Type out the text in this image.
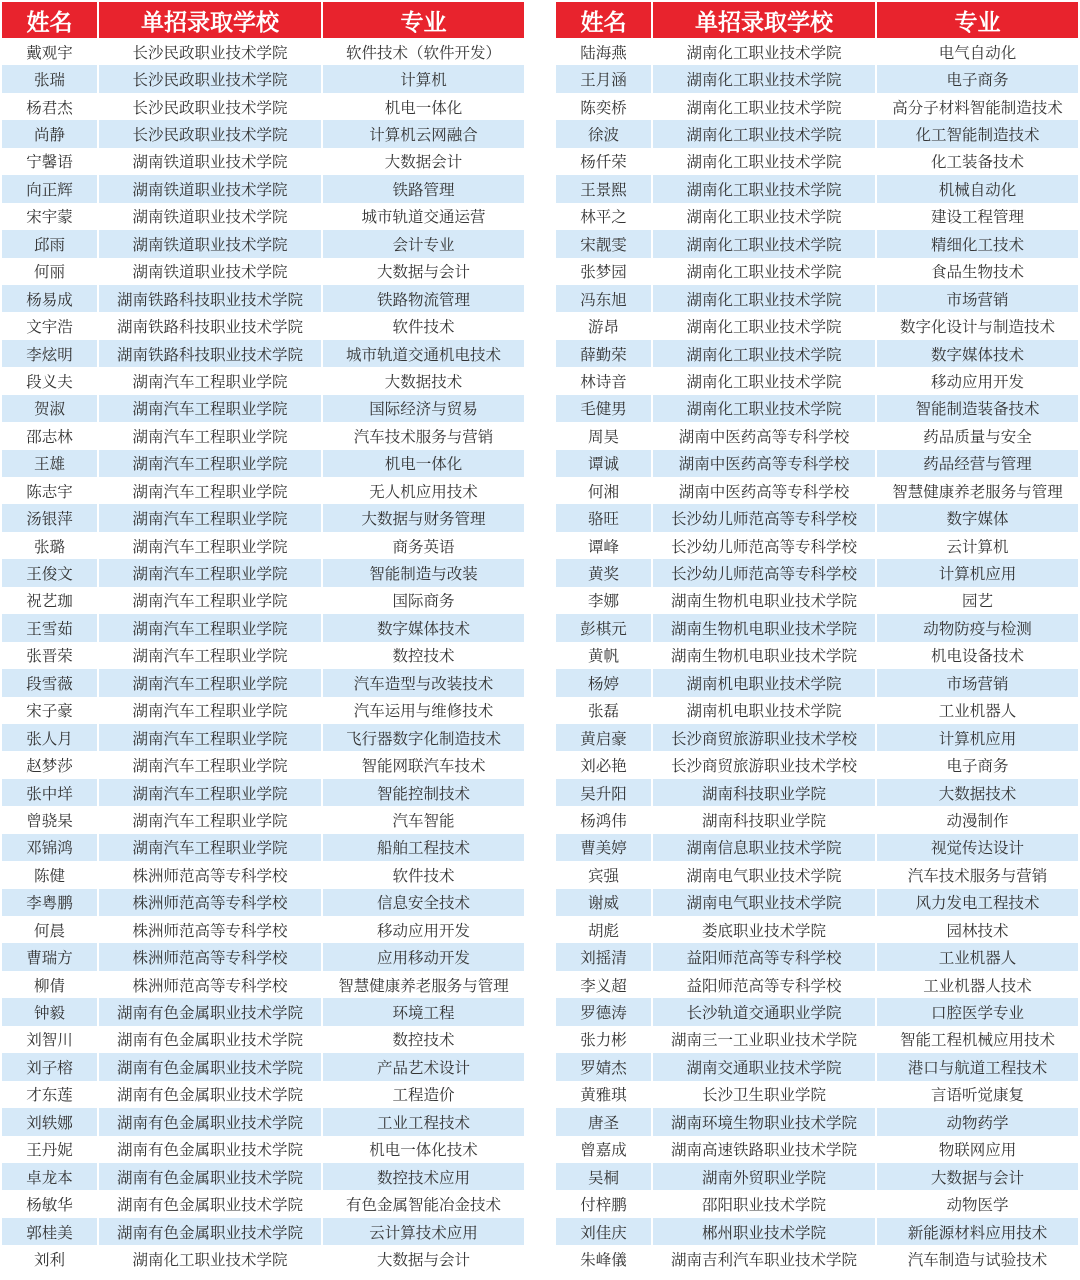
姓名	单招录取学校	专业
戴观宇	长沙民政职业技术学院	软件技术（软件开发）
张瑞	长沙民政职业技术学院	计算机
杨君杰	长沙民政职业技术学院	机电一体化
尚静	长沙民政职业技术学院	计算机云网融合
宁馨语	湖南铁道职业技术学院	大数据会计
向正辉	湖南铁道职业技术学院	铁路管理
宋宇蒙	湖南铁道职业技术学院	城市轨道交通运营
邱雨	湖南铁道职业技术学院	会计专业
何丽	湖南铁道职业技术学院	大数据与会计
杨易成	湖南铁路科技职业技术学院	铁路物流管理
文宇浩	湖南铁路科技职业技术学院	软件技术
李炫明	湖南铁路科技职业技术学院	城市轨道交通机电技术
段义夫	湖南汽车工程职业学院	大数据技术
贺淑	湖南汽车工程职业学院	国际经济与贸易
邵志林	湖南汽车工程职业学院	汽车技术服务与营销
王雄	湖南汽车工程职业学院	机电一体化
陈志宇	湖南汽车工程职业学院	无人机应用技术
汤银萍	湖南汽车工程职业学院	大数据与财务管理
张璐	湖南汽车工程职业学院	商务英语
王俊文	湖南汽车工程职业学院	智能制造与改装
祝艺珈	湖南汽车工程职业学院	国际商务
王雪茹	湖南汽车工程职业学院	数字媒体技术
张晋荣	湖南汽车工程职业学院	数控技术
段雪薇	湖南汽车工程职业学院	汽车造型与改装技术
宋子豪	湖南汽车工程职业学院	汽车运用与维修技术
张人月	湖南汽车工程职业学院	飞行器数字化制造技术
赵梦莎	湖南汽车工程职业学院	智能网联汽车技术
张中垟	湖南汽车工程职业学院	智能控制技术
曾骁杲	湖南汽车工程职业学院	汽车智能
邓锦鸿	湖南汽车工程职业学院	船舶工程技术
陈健	株洲师范高等专科学校	软件技术
李粤鹏	株洲师范高等专科学校	信息安全技术
何晨	株洲师范高等专科学校	移动应用开发
曹瑞方	株洲师范高等专科学校	应用移动开发
柳倩	株洲师范高等专科学校	智慧健康养老服务与管理
钟毅	湖南有色金属职业技术学院	环境工程
刘智川	湖南有色金属职业技术学院	数控技术
刘子榕	湖南有色金属职业技术学院	产品艺术设计
才东莲	湖南有色金属职业技术学院	工程造价
刘轶娜	湖南有色金属职业技术学院	工业工程技术
王丹妮	湖南有色金属职业技术学院	机电一体化技术
卓龙本	湖南有色金属职业技术学院	数控技术应用
杨敏华	湖南有色金属职业技术学院	有色金属智能冶金技术
郭桂美	湖南有色金属职业技术学院	云计算技术应用
刘利	湖南化工职业技术学院	大数据与会计
姓名	单招录取学校	专业
陆海燕	湖南化工职业技术学院	电气自动化
王月涵	湖南化工职业技术学院	电子商务
陈奕桥	湖南化工职业技术学院	高分子材料智能制造技术
徐波	湖南化工职业技术学院	化工智能制造技术
杨仟荣	湖南化工职业技术学院	化工装备技术
王景熙	湖南化工职业技术学院	机械自动化
林平之	湖南化工职业技术学院	建设工程管理
宋靓雯	湖南化工职业技术学院	精细化工技术
张梦园	湖南化工职业技术学院	食品生物技术
冯东旭	湖南化工职业技术学院	市场营销
游昂	湖南化工职业技术学院	数字化设计与制造技术
薛勤荣	湖南化工职业技术学院	数字媒体技术
林诗音	湖南化工职业技术学院	移动应用开发
毛健男	湖南化工职业技术学院	智能制造装备技术
周昊	湖南中医药高等专科学校	药品质量与安全
谭诚	湖南中医药高等专科学校	药品经营与管理
何湘	湖南中医药高等专科学校	智慧健康养老服务与管理
骆旺	长沙幼儿师范高等专科学校	数字媒体
谭峰	长沙幼儿师范高等专科学校	云计算机
黄奖	长沙幼儿师范高等专科学校	计算机应用
李娜	湖南生物机电职业技术学院	园艺
彭棋元	湖南生物机电职业技术学院	动物防疫与检测
黄帆	湖南生物机电职业技术学院	机电设备技术
杨婷	湖南机电职业技术学院	市场营销
张磊	湖南机电职业技术学院	工业机器人
黄启豪	长沙商贸旅游职业技术学校	计算机应用
刘必艳	长沙商贸旅游职业技术学校	电子商务
吴升阳	湖南科技职业学院	大数据技术
杨鸿伟	湖南科技职业学院	动漫制作
曹美婷	湖南信息职业技术学院	视觉传达设计
宾强	湖南电气职业技术学院	汽车技术服务与营销
谢威	湖南电气职业技术学院	风力发电工程技术
胡彪	娄底职业技术学院	园林技术
刘摇清	益阳师范高等专科学校	工业机器人
李义超	益阳师范高等专科学校	工业机器人技术
罗德涛	长沙轨道交通职业学院	口腔医学专业
张力彬	湖南三一工业职业技术学院	智能工程机械应用技术
罗婧杰	湖南交通职业技术学院	港口与航道工程技术
黄雅琪	长沙卫生职业学院	言语听觉康复
唐圣	湖南环境生物职业技术学院	动物药学
曾嘉成	湖南高速铁路职业技术学院	物联网应用
吴桐	湖南外贸职业学院	大数据与会计
付梓鹏	邵阳职业技术学院	动物医学
刘佳庆	郴州职业技术学院	新能源材料应用技术
朱峰儀	湖南吉利汽车职业技术学院	汽车制造与试验技术
